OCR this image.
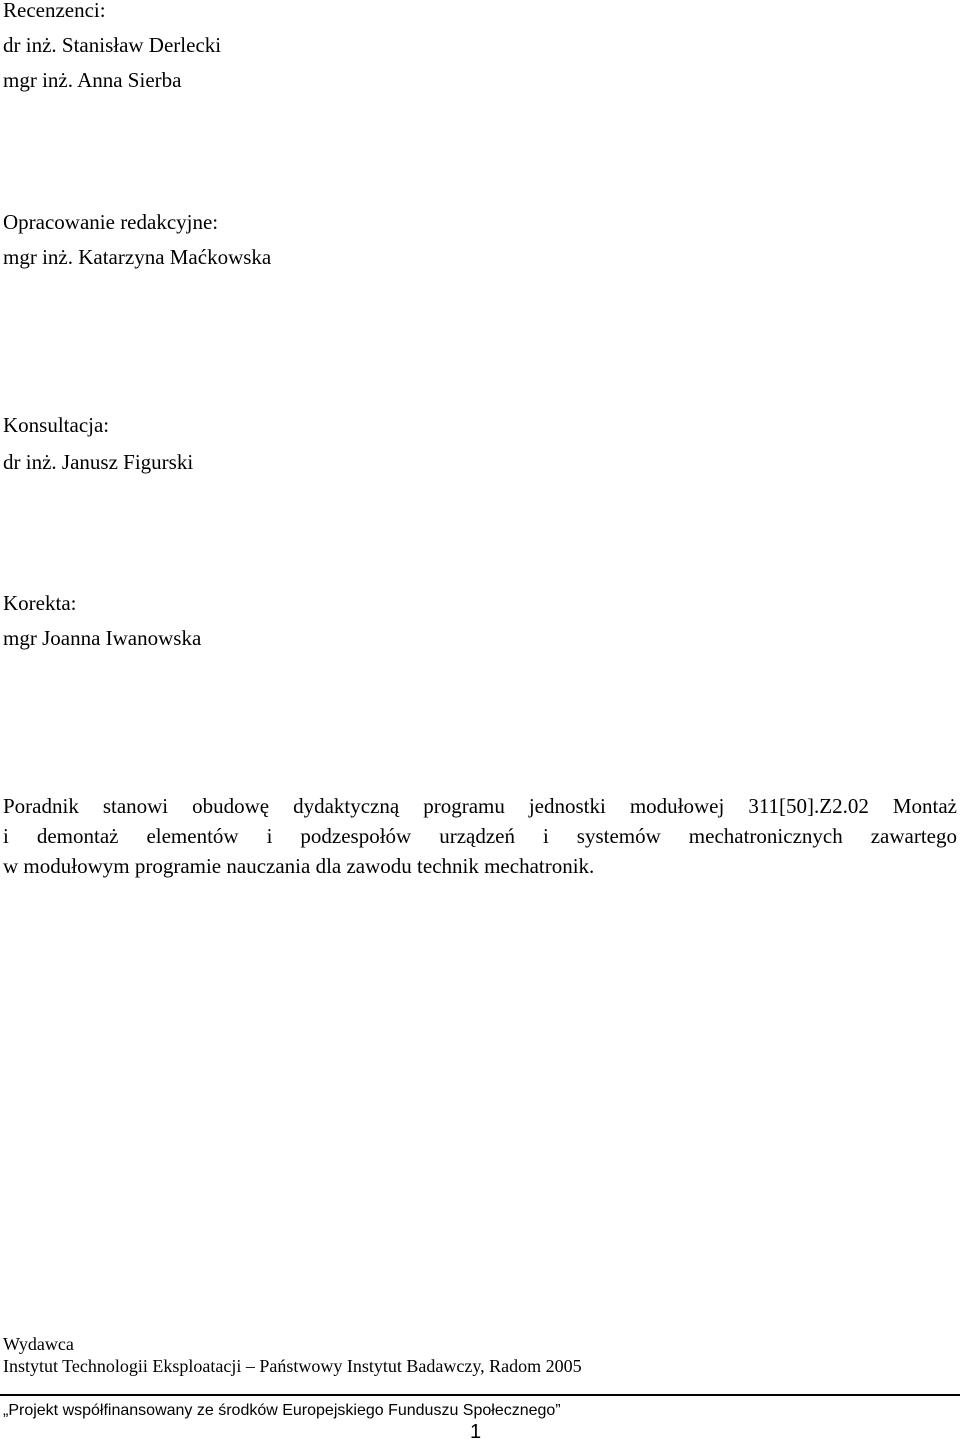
Recenzenci:

dr inż. Stanisław Derlecki

mgr inż. Anna Sierba

Opracowanie redakcyjne:

mgr inż. Katarzyna Maćkowska

Konsultacja:

dr inż. Janusz Figurski

Korekta:

mgr Joanna Iwanowska

Poradnik stanowi obudowę dydaktyczną programu jednostki modułowej 311[50].Z2.02 Montaż
i demontaż elementów i podzespołów urządzeń i systemów mechatronicznych zawartego
w modułowym programie nauczania dla zawodu technik mechatronik.

Wydawca

Instytut Technologii Eksploatacji – Państwowy Instytut Badawczy, Radom 2005

„Projekt współfinansowany ze środków Europejskiego Funduszu Społecznego”

1
